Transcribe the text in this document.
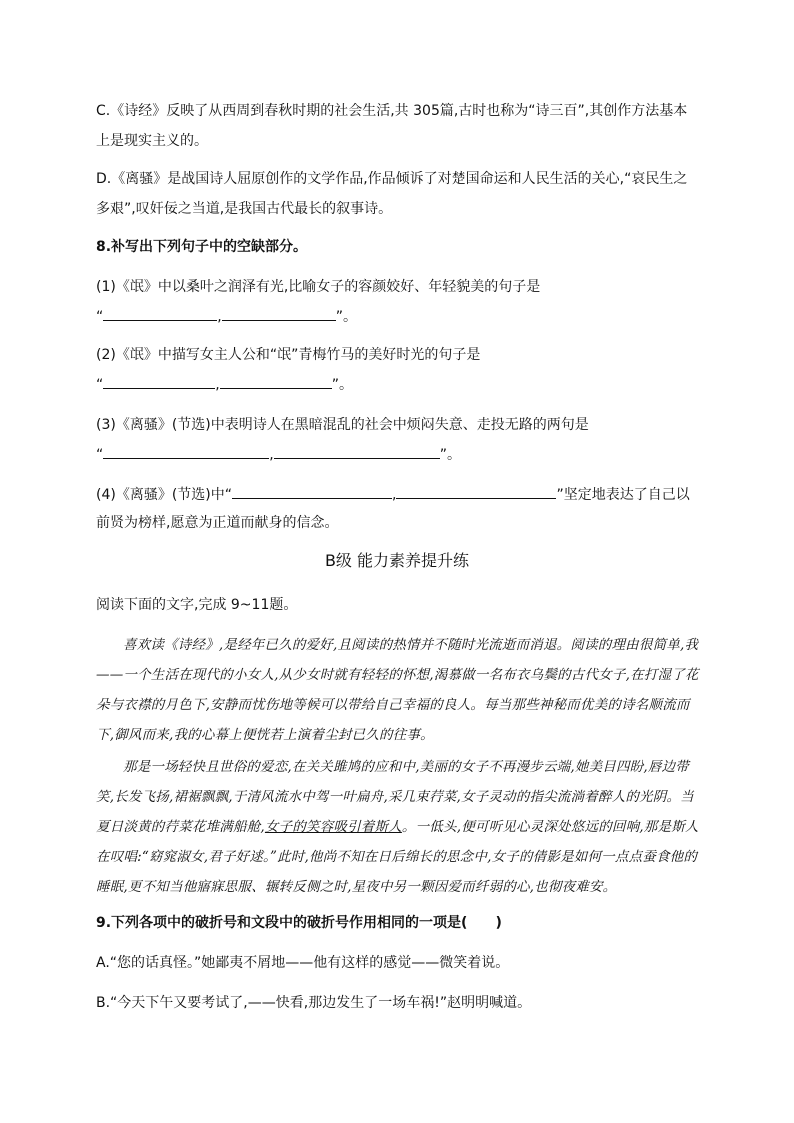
C.《诗经》反映了从西周到春秋时期的社会生活,共 305篇,古时也称为“诗三百”,其创作方法基本上是现实主义的。
D.《离骚》是战国诗人屈原创作的文学作品,作品倾诉了对楚国命运和人民生活的关心,“哀民生之多艰”,叹奸佞之当道,是我国古代最长的叙事诗。
8.补写出下列句子中的空缺部分。
(1)《氓》中以桑叶之润泽有光,比喻女子的容颜姣好、年轻貌美的句子是
“	,	”。
(2)《氓》中描写女主人公和“氓”青梅竹马的美好时光的句子是
“	,	”。
(3)《离骚》(节选)中表明诗人在黑暗混乱的社会中烦闷失意、走投无路的两句是
“	,	”。
(4)《离骚》(节选)中“	,	”坚定地表达了自己以
前贤为榜样,愿意为正道而献身的信念。
B级 能力素养提升练
阅读下面的文字,完成 9~11题。
喜欢读《诗经》,是经年已久的爱好,且阅读的热情并不随时光流逝而消退。阅读的理由很简单,我——一个生活在现代的小女人,从少女时就有轻轻的怀想,渴慕做一名布衣乌鬓的古代女子,在打湿了花朵与衣襟的月色下,安静而忧伤地等候可以带给自己幸福的良人。每当那些神秘而优美的诗名顺流而下,御风而来,我的心幕上便恍若上演着尘封已久的往事。
那是一场轻快且世俗的爱恋,在关关雎鸠的应和中,美丽的女子不再漫步云端,她美目四盼,唇边带笑,长发飞扬,裙裾飘飘,于清风流水中驾一叶扁舟,采几束荇菜,女子灵动的指尖流淌着醉人的光阴。当夏日淡黄的荇菜花堆满船舱,女子的笑容吸引着斯人。一低头,便可听见心灵深处悠远的回响,那是斯人在叹唱:“窈窕淑女,君子好逑。”此时,他尚不知在日后绵长的思念中,女子的倩影是如何一点点蚕食他的睡眠,更不知当他寤寐思服、辗转反侧之时,星夜中另一颗因爱而纤弱的心,也彻夜难安。
9.下列各项中的破折号和文段中的破折号作用相同的一项是(　　)
A.“您的话真怪。”她鄙夷不屑地——他有这样的感觉——微笑着说。
B.“今天下午又要考试了,——快看,那边发生了一场车祸!”赵明明喊道。
